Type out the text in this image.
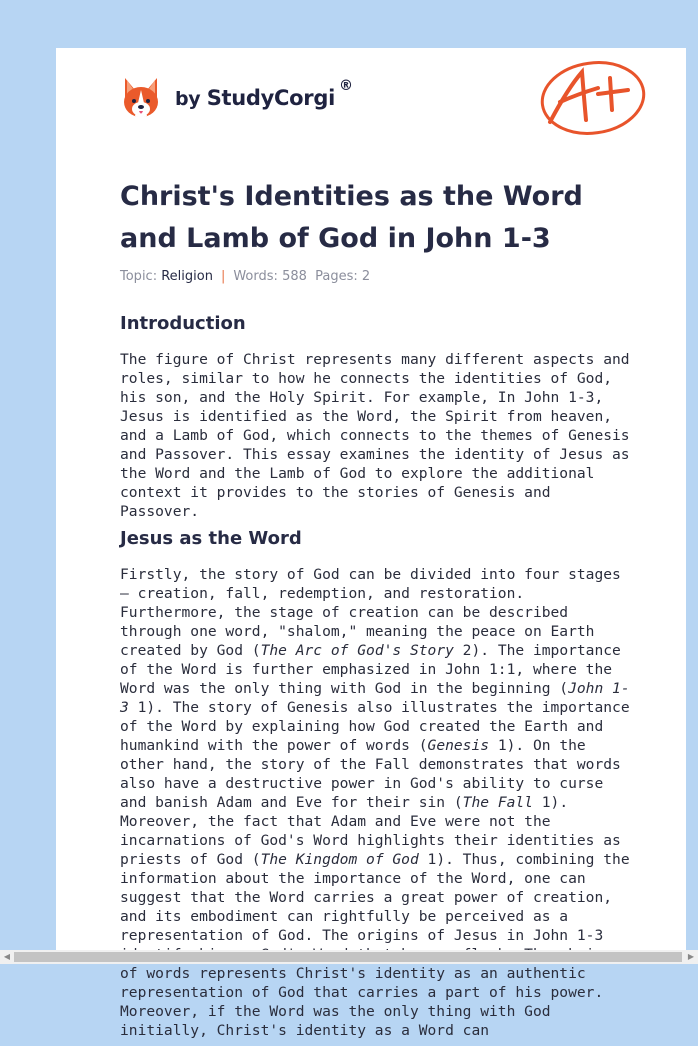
by StudyCorgi ®
Christ's Identities as the Word and Lamb of God in John 1-3
Topic: Religion | Words: 588 Pages: 2
Introduction

The figure of Christ represents many different aspects and roles, similar to how he connects the identities of God, his son, and the Holy Spirit. For example, In John 1-3, Jesus is identified as the Word, the Spirit from heaven, and a Lamb of God, which connects to the themes of Genesis and Passover. This essay examines the identity of Jesus as the Word and the Lamb of God to explore the additional context it provides to the stories of Genesis and Passover.

Jesus as the Word

Firstly, the story of God can be divided into four stages – creation, fall, redemption, and restoration. Furthermore, the stage of creation can be described through one word, "shalom," meaning the peace on Earth created by God (The Arc of God's Story 2). The importance of the Word is further emphasized in John 1:1, where the Word was the only thing with God in the beginning (John 1-3 1). The story of Genesis also illustrates the importance of the Word by explaining how God created the Earth and humankind with the power of words (Genesis 1). On the other hand, the story of the Fall demonstrates that words also have a destructive power in God's ability to curse and banish Adam and Eve for their sin (The Fall 1). Moreover, the fact that Adam and Eve were not the incarnations of God's Word highlights their identities as priests of God (The Kingdom of God 1). Thus, combining the information about the importance of the Word, one can suggest that the Word carries a great power of creation, and its embodiment can rightfully be perceived as a representation of God. The origins of Jesus in John 1-3 of words represents Christ's identity as an authentic representation of God that carries a part of his power. Moreover, if the Word was the only thing with God initially, Christ's identity as a Word can

◀	▶
